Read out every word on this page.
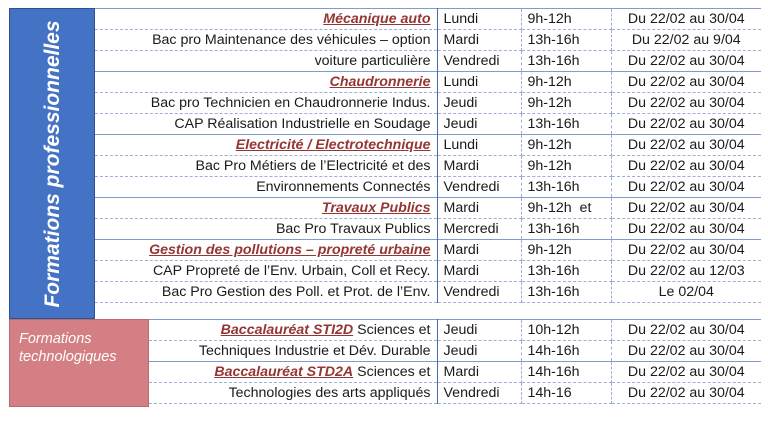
Formations professionnelles
Formations
technologiques
Mécanique auto	Lundi	9h-12h	Du 22/02 au 30/04
Bac pro Maintenance des véhicules – option	Mardi	13h-16h	Du 22/02 au 9/04
voiture particulière	Vendredi	13h-16h	Du 22/02 au 30/04
Chaudronnerie	Lundi	9h-12h	Du 22/02 au 30/04
Bac pro Technicien en Chaudronnerie Indus.	Jeudi	9h-12h	Du 22/02 au 30/04
CAP Réalisation Industrielle en Soudage	Jeudi	13h-16h	Du 22/02 au 30/04
Electricité / Electrotechnique	Lundi	9h-12h	Du 22/02 au 30/04
Bac Pro Métiers de l’Electricité et des	Mardi	9h-12h	Du 22/02 au 30/04
Environnements Connectés	Vendredi	13h-16h	Du 22/02 au 30/04
Travaux Publics	Mardi	9h-12h  et	Du 22/02 au 30/04
Bac Pro Travaux Publics	Mercredi	13h-16h	Du 22/02 au 30/04
Gestion des pollutions – propreté urbaine	Mardi	9h-12h	Du 22/02 au 30/04
CAP Propreté de l’Env. Urbain, Coll et Recy.	Mardi	13h-16h	Du 22/02 au 12/03
Bac Pro Gestion des Poll. et Prot. de l’Env.	Vendredi	13h-16h	Le 02/04
Baccalauréat STI2D Sciences et	Jeudi	10h-12h	Du 22/02 au 30/04
Techniques Industrie et Dév. Durable	Jeudi	14h-16h	Du 22/02 au 30/04
Baccalauréat STD2A Sciences et	Mardi	14h-16h	Du 22/02 au 30/04
Technologies des arts appliqués	Vendredi	14h-16	Du 22/02 au 30/04
